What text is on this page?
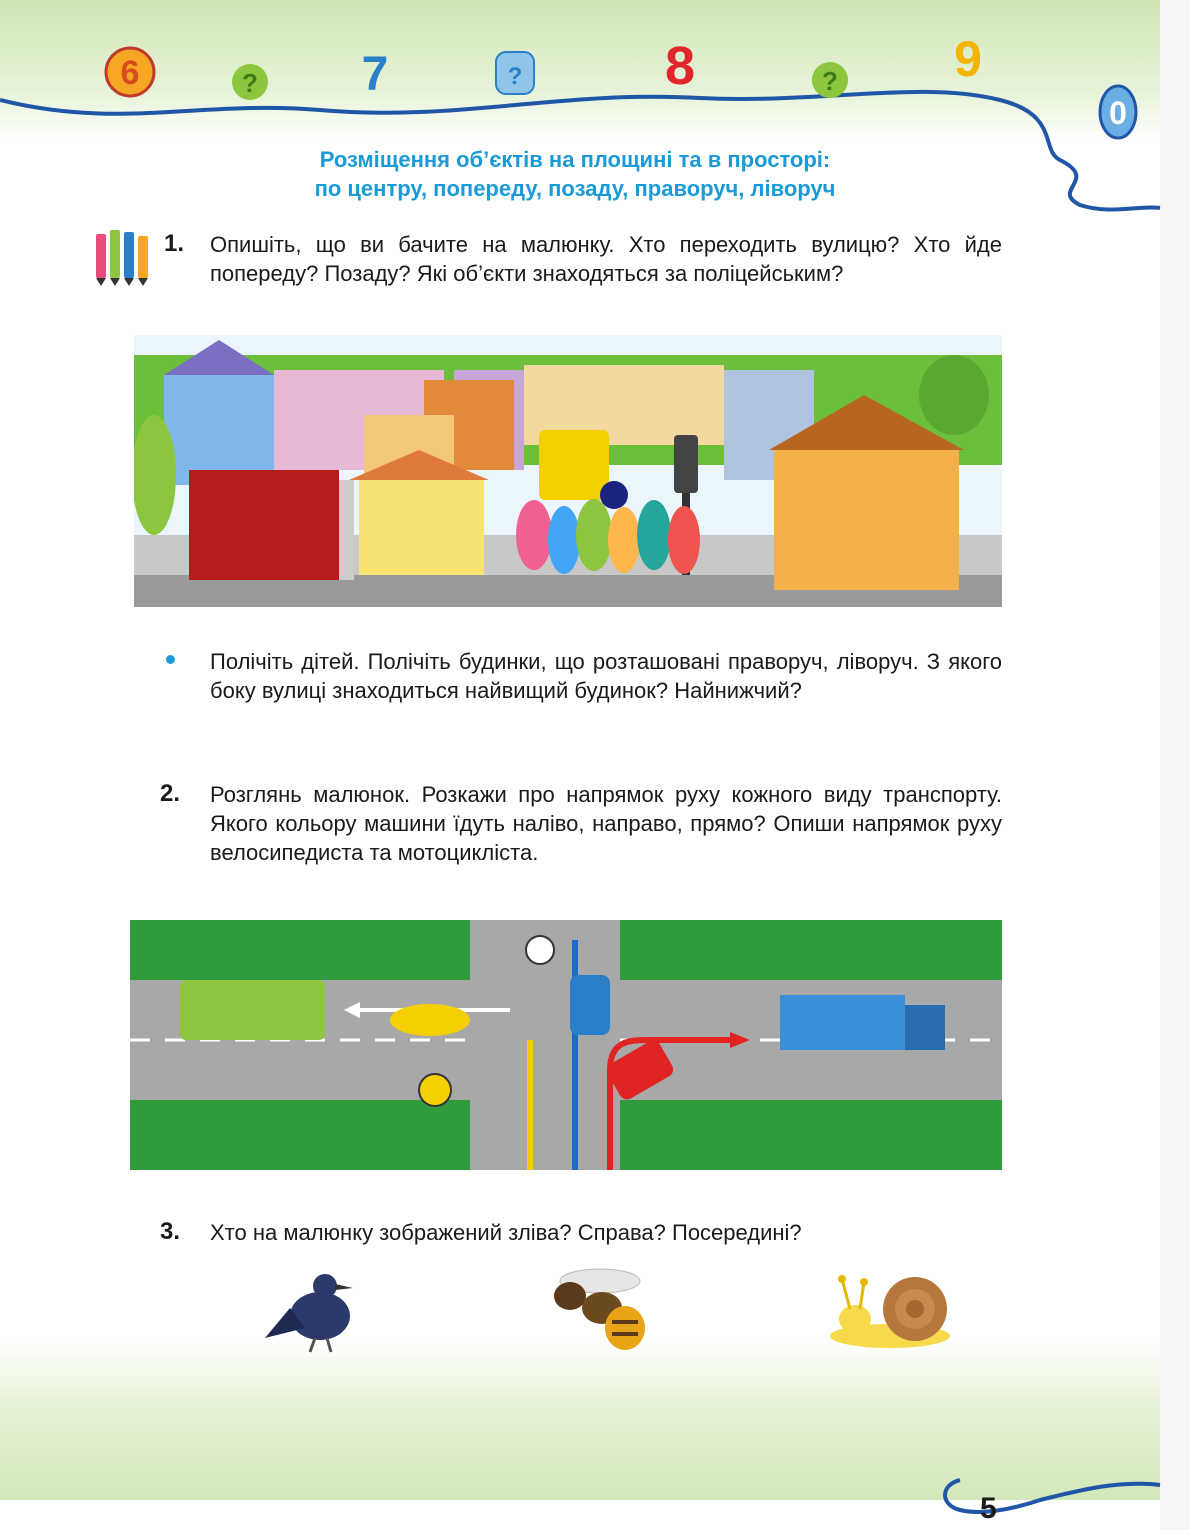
6	? 7	?	8	? 9
0
Розміщення об’єктів на площині та в просторі:
по центру, попереду, позаду, праворуч, ліворуч
1. Опишіть, що ви бачите на малюнку. Хто переходить вулицю? Хто йде попереду? Позаду? Які об’єкти знаходяться за поліцейським?
Полічіть дітей. Полічіть будинки, що розташовані праворуч, ліворуч. З якого боку вулиці знаходиться найвищий будинок? Найнижчий?
2. Розглянь малюнок. Розкажи про напрямок руху кожного виду транспорту. Якого кольору машини їдуть наліво, направо, прямо? Опиши напрямок руху велосипедиста та мотоцикліста.
3. Хто на малюнку зображений зліва? Справа? Посередині?
5
